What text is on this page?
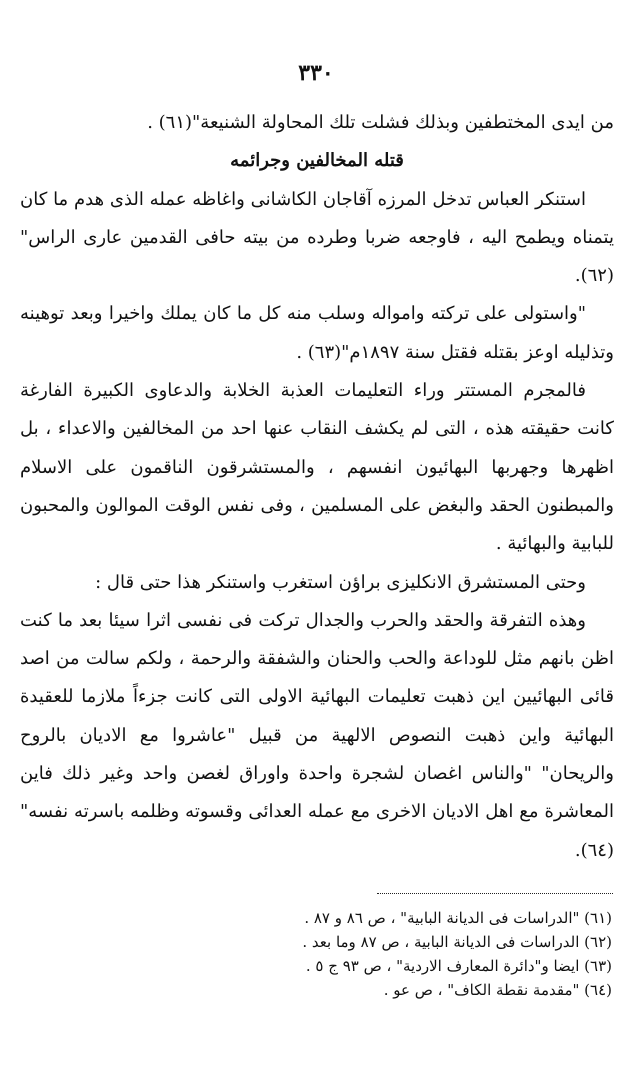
٣٣٠

من ايدى المختطفين وبذلك فشلت تلك المحاولة الشنيعة"(٦١) .

قتله المخالفين وجرائمه

استنكر العباس تدخل المرزه آقاجان الكاشانى واغاظه عمله الذى هدم ما كان يتمناه ويطمح اليه ، فاوجعه ضربا وطرده من بيته حافى القدمين عارى الراس"(٦٢).

"واستولى على تركته وامواله وسلب منه كل ما كان يملك واخيرا وبعد توهينه وتذليله اوعز بقتله فقتل سنة ١٨٩٧م"(٦٣) .

فالمجرم المستتر وراء التعليمات العذبة الخلابة والدعاوى الكبيرة الفارغة كانت حقيقته هذه ، التى لم يكشف النقاب عنها احد من المخالفين والاعداء ، بل اظهرها وجهربها البهائيون انفسهم ، والمستشرقون الناقمون على الاسلام والمبطنون الحقد والبغض على المسلمين ، وفى نفس الوقت الموالون والمحبون للبابية والبهائية .

وحتى المستشرق الانكليزى براؤن استغرب واستنكر هذا حتى قال :

وهذه التفرقة والحقد والحرب والجدال تركت فى نفسى اثرا سيئا بعد ما كنت اظن بانهم مثل للوداعة والحب والحنان والشفقة والرحمة ، ولكم سالت من اصد قائى البهائيين اين ذهبت تعليمات البهائية الاولى التى كانت جزءاً ملازما للعقيدة البهائية واين ذهبت النصوص الالهية من قبيل "عاشروا مع الاديان بالروح والريحان" "والناس اغصان لشجرة واحدة واوراق لغصن واحد وغير ذلك فاين المعاشرة مع اهل الاديان الاخرى مع عمله العدائى وقسوته وظلمه باسرته نفسه"(٦٤).

(٦١) "الدراسات فى الديانة البابية" ، ص ٨٦ و ٨٧ .
(٦٢) الدراسات فى الديانة البابية ، ص ٨٧ وما بعد .
(٦٣) ايضا و"دائرة المعارف الاردية" ، ص ٩٣ ج ٥ .
(٦٤) "مقدمة نقطة الكاف" ، ص عو .
